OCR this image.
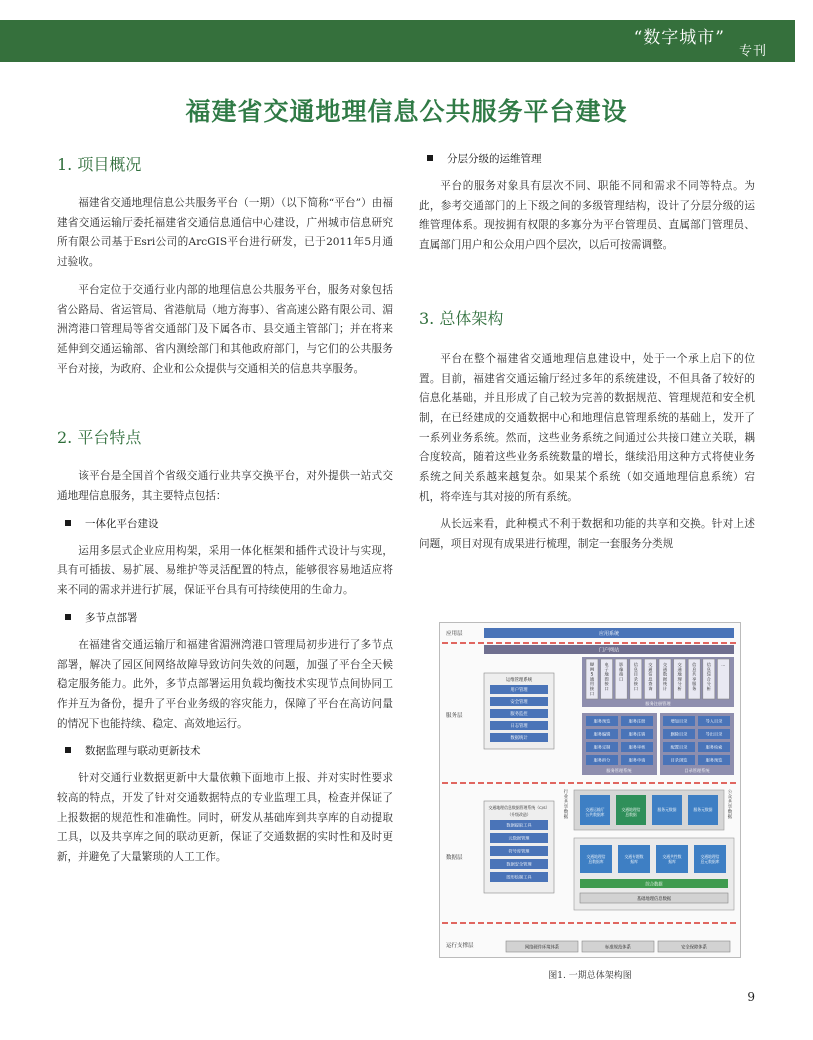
“数字城市”
专刊
福建省交通地理信息公共服务平台建设
1. 项目概况

福建省交通地理信息公共服务平台（一期）（以下简称“平台”）由福建省交通运输厅委托福建省交通信息通信中心建设，广州城市信息研究所有限公司基于Esri公司的ArcGIS平台进行研发，已于2011年5月通过验收。

平台定位于交通行业内部的地理信息公共服务平台，服务对象包括省公路局、省运管局、省港航局（地方海事）、省高速公路有限公司、湄洲湾港口管理局等省交通部门及下属各市、县交通主管部门；并在将来延伸到交通运输部、省内测绘部门和其他政府部门，与它们的公共服务平台对接，为政府、企业和公众提供与交通相关的信息共享服务。

2. 平台特点

该平台是全国首个省级交通行业共享交换平台，对外提供一站式交通地理信息服务，其主要特点包括：

一体化平台建设

运用多层式企业应用构架，采用一体化框架和插件式设计与实现，具有可插拔、易扩展、易维护等灵活配置的特点，能够很容易地适应将来不同的需求并进行扩展，保证平台具有可持续使用的生命力。

多节点部署

在福建省交通运输厅和福建省湄洲湾港口管理局初步进行了多节点部署，解决了园区间网络故障导致访问失效的问题，加强了平台全天候稳定服务能力。此外，多节点部署运用负载均衡技术实现节点间协同工作并互为备份，提升了平台业务级的容灾能力，保障了平台在高访问量的情况下也能持续、稳定、高效地运行。

数据监理与联动更新技术

针对交通行业数据更新中大量依赖下面地市上报、并对实时性要求较高的特点，开发了针对交通数据特点的专业监理工具，检查并保证了上报数据的规范性和准确性。同时，研发从基础库到共享库的自动提取工具，以及共享库之间的联动更新，保证了交通数据的实时性和及时更新，并避免了大量繁琐的人工工作。

分层分级的运维管理

平台的服务对象具有层次不同、职能不同和需求不同等特点。为此，参考交通部门的上下级之间的多级管理结构，设计了分层分级的运维管理体系。现按拥有权限的多寡分为平台管理员、直属部门管理员、直属部门用户和公众用户四个层次，以后可按需调整。

3. 总体架构

平台在整个福建省交通地理信息建设中，处于一个承上启下的位置。目前，福建省交通运输厅经过多年的系统建设，不但具备了较好的信息化基础，并且形成了自己较为完善的数据规范、管理规范和安全机制，在已经建成的交通数据中心和地理信息管理系统的基础上，发开了一系列业务系统。然而，这些业务系统之间通过公共接口建立关联，耦合度较高，随着这些业务系统数量的增长，继续沿用这种方式将使业务系统之间关系越来越复杂。如果某个系统（如交通地理信息系统）宕机，将牵连与其对接的所有系统。

从长远来看，此种模式不利于数据和功能的共享和交换。针对上述问题，项目对现有成果进行梳理，制定一套服务分类规

应用层
服务层
数据层
运行支撑层
应用系统
门户网站
W
M
S
通
用
接
口
电
子
地
图
接
口
影
像
接
口
信
息
目
录
接
口
交
通
信
息
查
询
交
通
数
据
统
计
交
通
地
理
分
析
信
息
共
享
服
务
信
息
综
合
分
析
…
服务注册管理
运维管理系统
用户管理
安全管理
服务监控
日志管理
数据统计
服务预览	服务注册
服务编辑	服务注销
服务定制	服务审核
服务拆分	服务申请
服务管理系统
增加目录	导入目录
删除目录	导出目录
配置目录	服务检索
目录浏览	服务预览
目录管理系统
交通地理信息数据管理系统（C/S）
（升级改造）
数据提取工具
元数据管理
符号库管理
数据安全管理
图形绘制工具
行
业
共
享
数
据
公
众
共
享
数
据
交通运输厅
公共数据库
交通地理信
息数据
服务元数据	服务元数据
交通地理信
息数据库
交通专题数
据库
交通共性数
据库
交通地理信
息元数据库
综合数据
基础地理信息数据
网络硬件环境体系	标准规范体系	安全保障体系
图1. 一期总体架构图
9
